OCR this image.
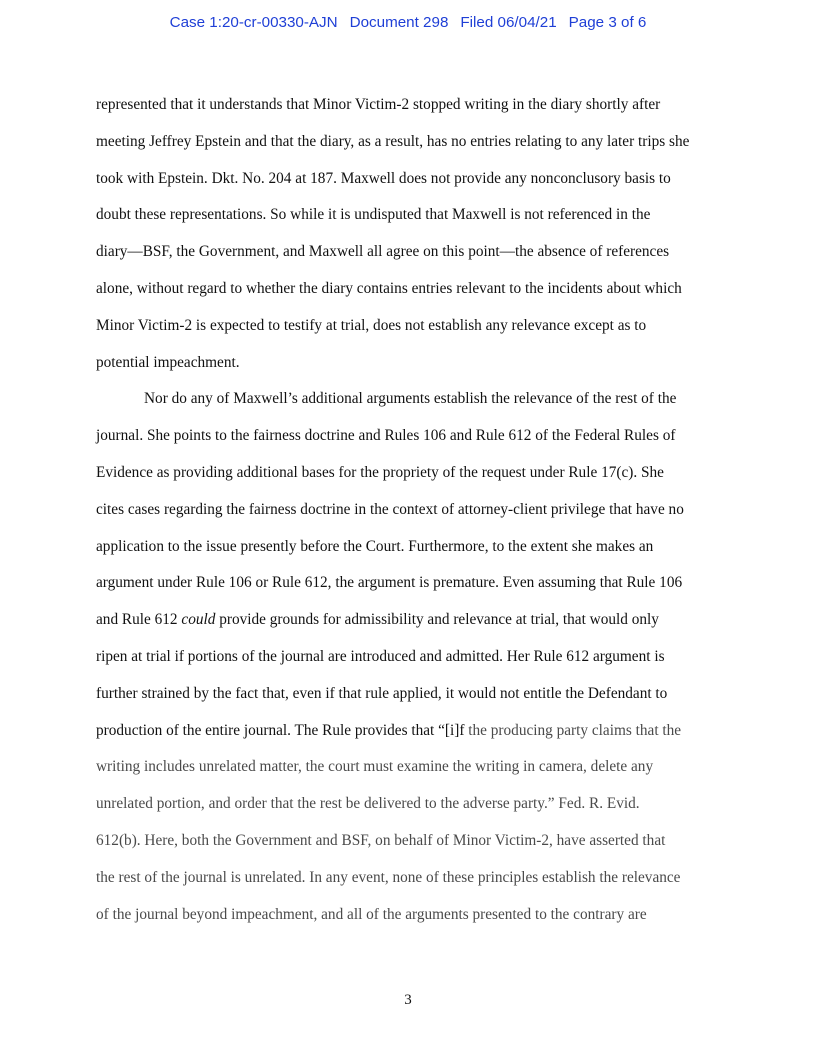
Case 1:20-cr-00330-AJN Document 298 Filed 06/04/21 Page 3 of 6
represented that it understands that Minor Victim-2 stopped writing in the diary shortly after
meeting Jeffrey Epstein and that the diary, as a result, has no entries relating to any later trips she
took with Epstein. Dkt. No. 204 at 187. Maxwell does not provide any nonconclusory basis to
doubt these representations. So while it is undisputed that Maxwell is not referenced in the
diary—BSF, the Government, and Maxwell all agree on this point—the absence of references
alone, without regard to whether the diary contains entries relevant to the incidents about which
Minor Victim-2 is expected to testify at trial, does not establish any relevance except as to
potential impeachment.
Nor do any of Maxwell’s additional arguments establish the relevance of the rest of the
journal. She points to the fairness doctrine and Rules 106 and Rule 612 of the Federal Rules of
Evidence as providing additional bases for the propriety of the request under Rule 17(c). She
cites cases regarding the fairness doctrine in the context of attorney-client privilege that have no
application to the issue presently before the Court. Furthermore, to the extent she makes an
argument under Rule 106 or Rule 612, the argument is premature. Even assuming that Rule 106
and Rule 612 could provide grounds for admissibility and relevance at trial, that would only
ripen at trial if portions of the journal are introduced and admitted. Her Rule 612 argument is
further strained by the fact that, even if that rule applied, it would not entitle the Defendant to
production of the entire journal. The Rule provides that “[i]f the producing party claims that the
writing includes unrelated matter, the court must examine the writing in camera, delete any
unrelated portion, and order that the rest be delivered to the adverse party.” Fed. R. Evid.
612(b). Here, both the Government and BSF, on behalf of Minor Victim-2, have asserted that
the rest of the journal is unrelated. In any event, none of these principles establish the relevance
of the journal beyond impeachment, and all of the arguments presented to the contrary are
3
